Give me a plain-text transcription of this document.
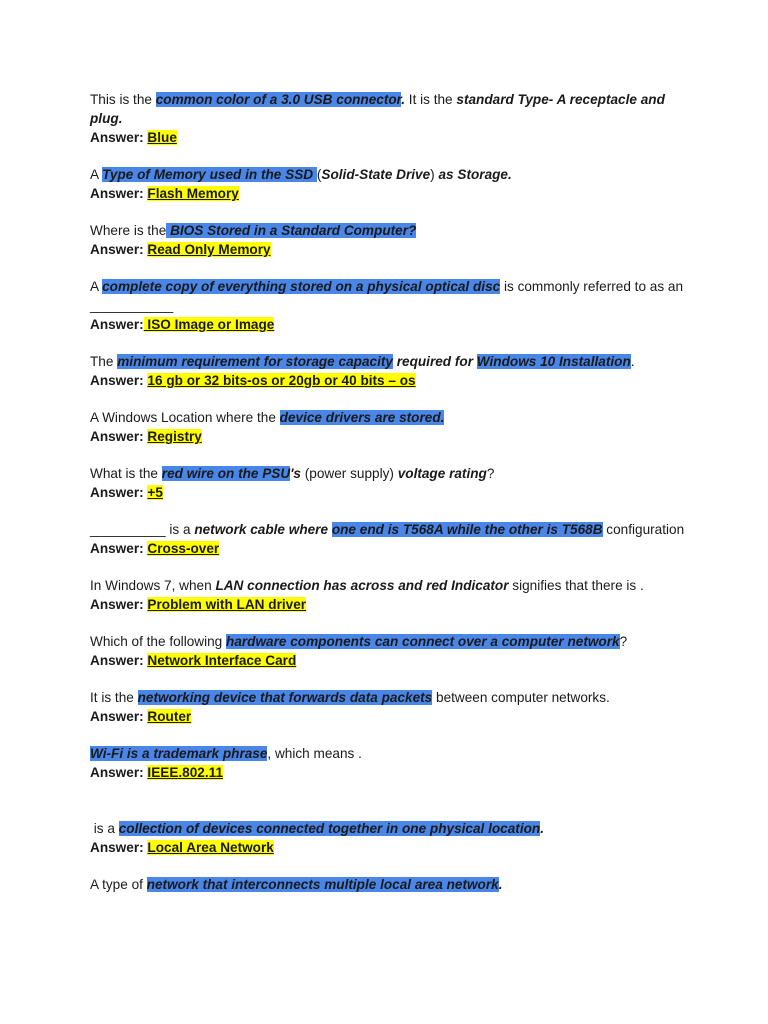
This is the common color of a 3.0 USB connector. It is the standard Type- A receptacle and plug.

Answer: Blue

A Type of Memory used in the SSD (Solid-State Drive) as Storage.

Answer: Flash Memory

Where is the BIOS Stored in a Standard Computer?

Answer: Read Only Memory

A complete copy of everything stored on a physical optical disc is commonly referred to as an ___________

Answer: ISO Image or Image

The minimum requirement for storage capacity required for Windows 10 Installation.

Answer: 16 gb or 32 bits-os or 20gb or 40 bits – os

A Windows Location where the device drivers are stored.

Answer: Registry

What is the red wire on the PSU's (power supply) voltage rating?

Answer: +5

__________ is a network cable where one end is T568A while the other is T568B configuration

Answer: Cross-over

In Windows 7, when LAN connection has across and red Indicator signifies that there is .

Answer: Problem with LAN driver

Which of the following hardware components can connect over a computer network?

Answer: Network Interface Card

It is the networking device that forwards data packets between computer networks.

Answer: Router

Wi-Fi is a trademark phrase, which means .

Answer: IEEE.802.11

is a collection of devices connected together in one physical location.

Answer: Local Area Network

A type of network that interconnects multiple local area network.
